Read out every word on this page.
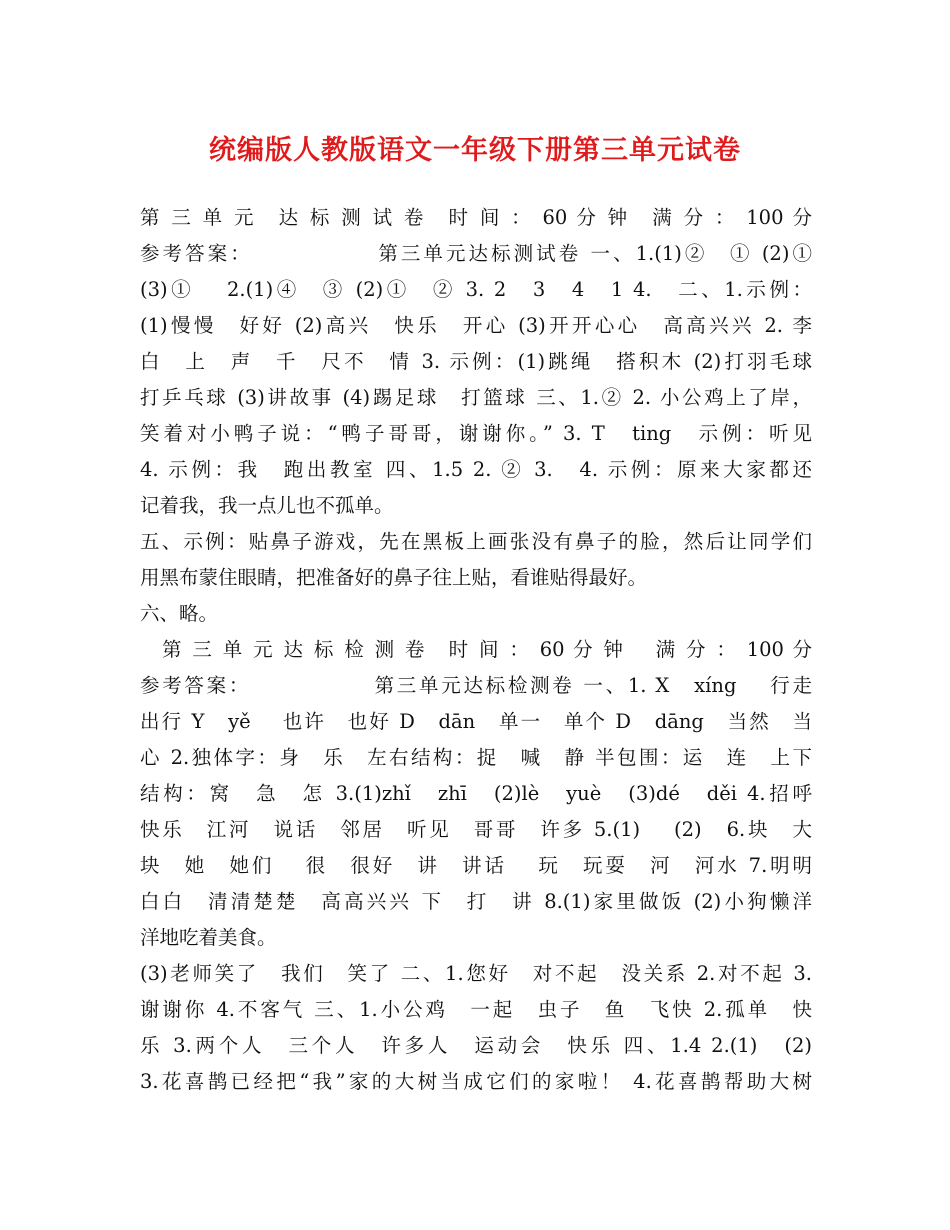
统编版人教版语文一年级下册第三单元试卷
第 三 单 元　达 标 测 试 卷　时 间 ： 60 分 钟　满 分 ： 100 分
参考答案：　　　　　　第三单元达标测试卷 一、1.(1)②　① (2)①
(3)①　 2.(1)④　③ (2)①　② 3. 2　3　4　1 4.　二、1.示例：
(1)慢慢　好好 (2)高兴　快乐　开心 (3)开开心心　高高兴兴 2. 李
白　上　声　千　尺不　情 3. 示例：(1)跳绳　搭积木 (2)打羽毛球
打乒乓球 (3)讲故事 (4)踢足球　打篮球 三、1.② 2. 小公鸡上了岸，
笑着对小鸭子说：“鸭子哥哥，谢谢你。” 3. T　ting　示例：听见
4. 示例：我　跑出教室 四、1.5 2. ② 3.　4. 示例：原来大家都还
记着我，我一点儿也不孤单。
五、示例：贴鼻子游戏，先在黑板上画张没有鼻子的脸，然后让同学们
用黑布蒙住眼睛，把准备好的鼻子往上贴，看谁贴得最好。
六、略。
第 三 单 元 达 标 检 测 卷　时 间 ： 60 分 钟　 满 分 ： 100 分
参考答案：　　　　　　第三单元达标检测卷 一、1. X　xíng　 行走
出行 Y　yě　 也许　也好 D　dān　单一　单个 D　dāng　当然　当
心 2.独体字：身　乐　左右结构：捉　喊　静 半包围：运　连　上下
结构：窝　急　怎 3.(1)zhǐ　zhī　(2)lè　yuè　(3)dé　děi 4.招呼
快乐　江河　说话　邻居　听见　哥哥　许多 5.(1)　 (2)　6.块　大
块　她　她们　 很　很好　讲　讲话　 玩　玩耍　河　河水 7.明明
白白　清清楚楚　高高兴兴 下　打　讲 8.(1)家里做饭 (2)小狗懒洋
洋地吃着美食。
(3)老师笑了　我们　笑了 二、1.您好　对不起　没关系 2.对不起 3.
谢谢你 4.不客气 三、1.小公鸡　一起　虫子　鱼　飞快 2.孤单　快
乐 3.两个人　三个人　许多人　运动会　快乐 四、1.4 2.(1)　(2)
3.花喜鹊已经把“我”家的大树当成它们的家啦！ 4.花喜鹊帮助大树
